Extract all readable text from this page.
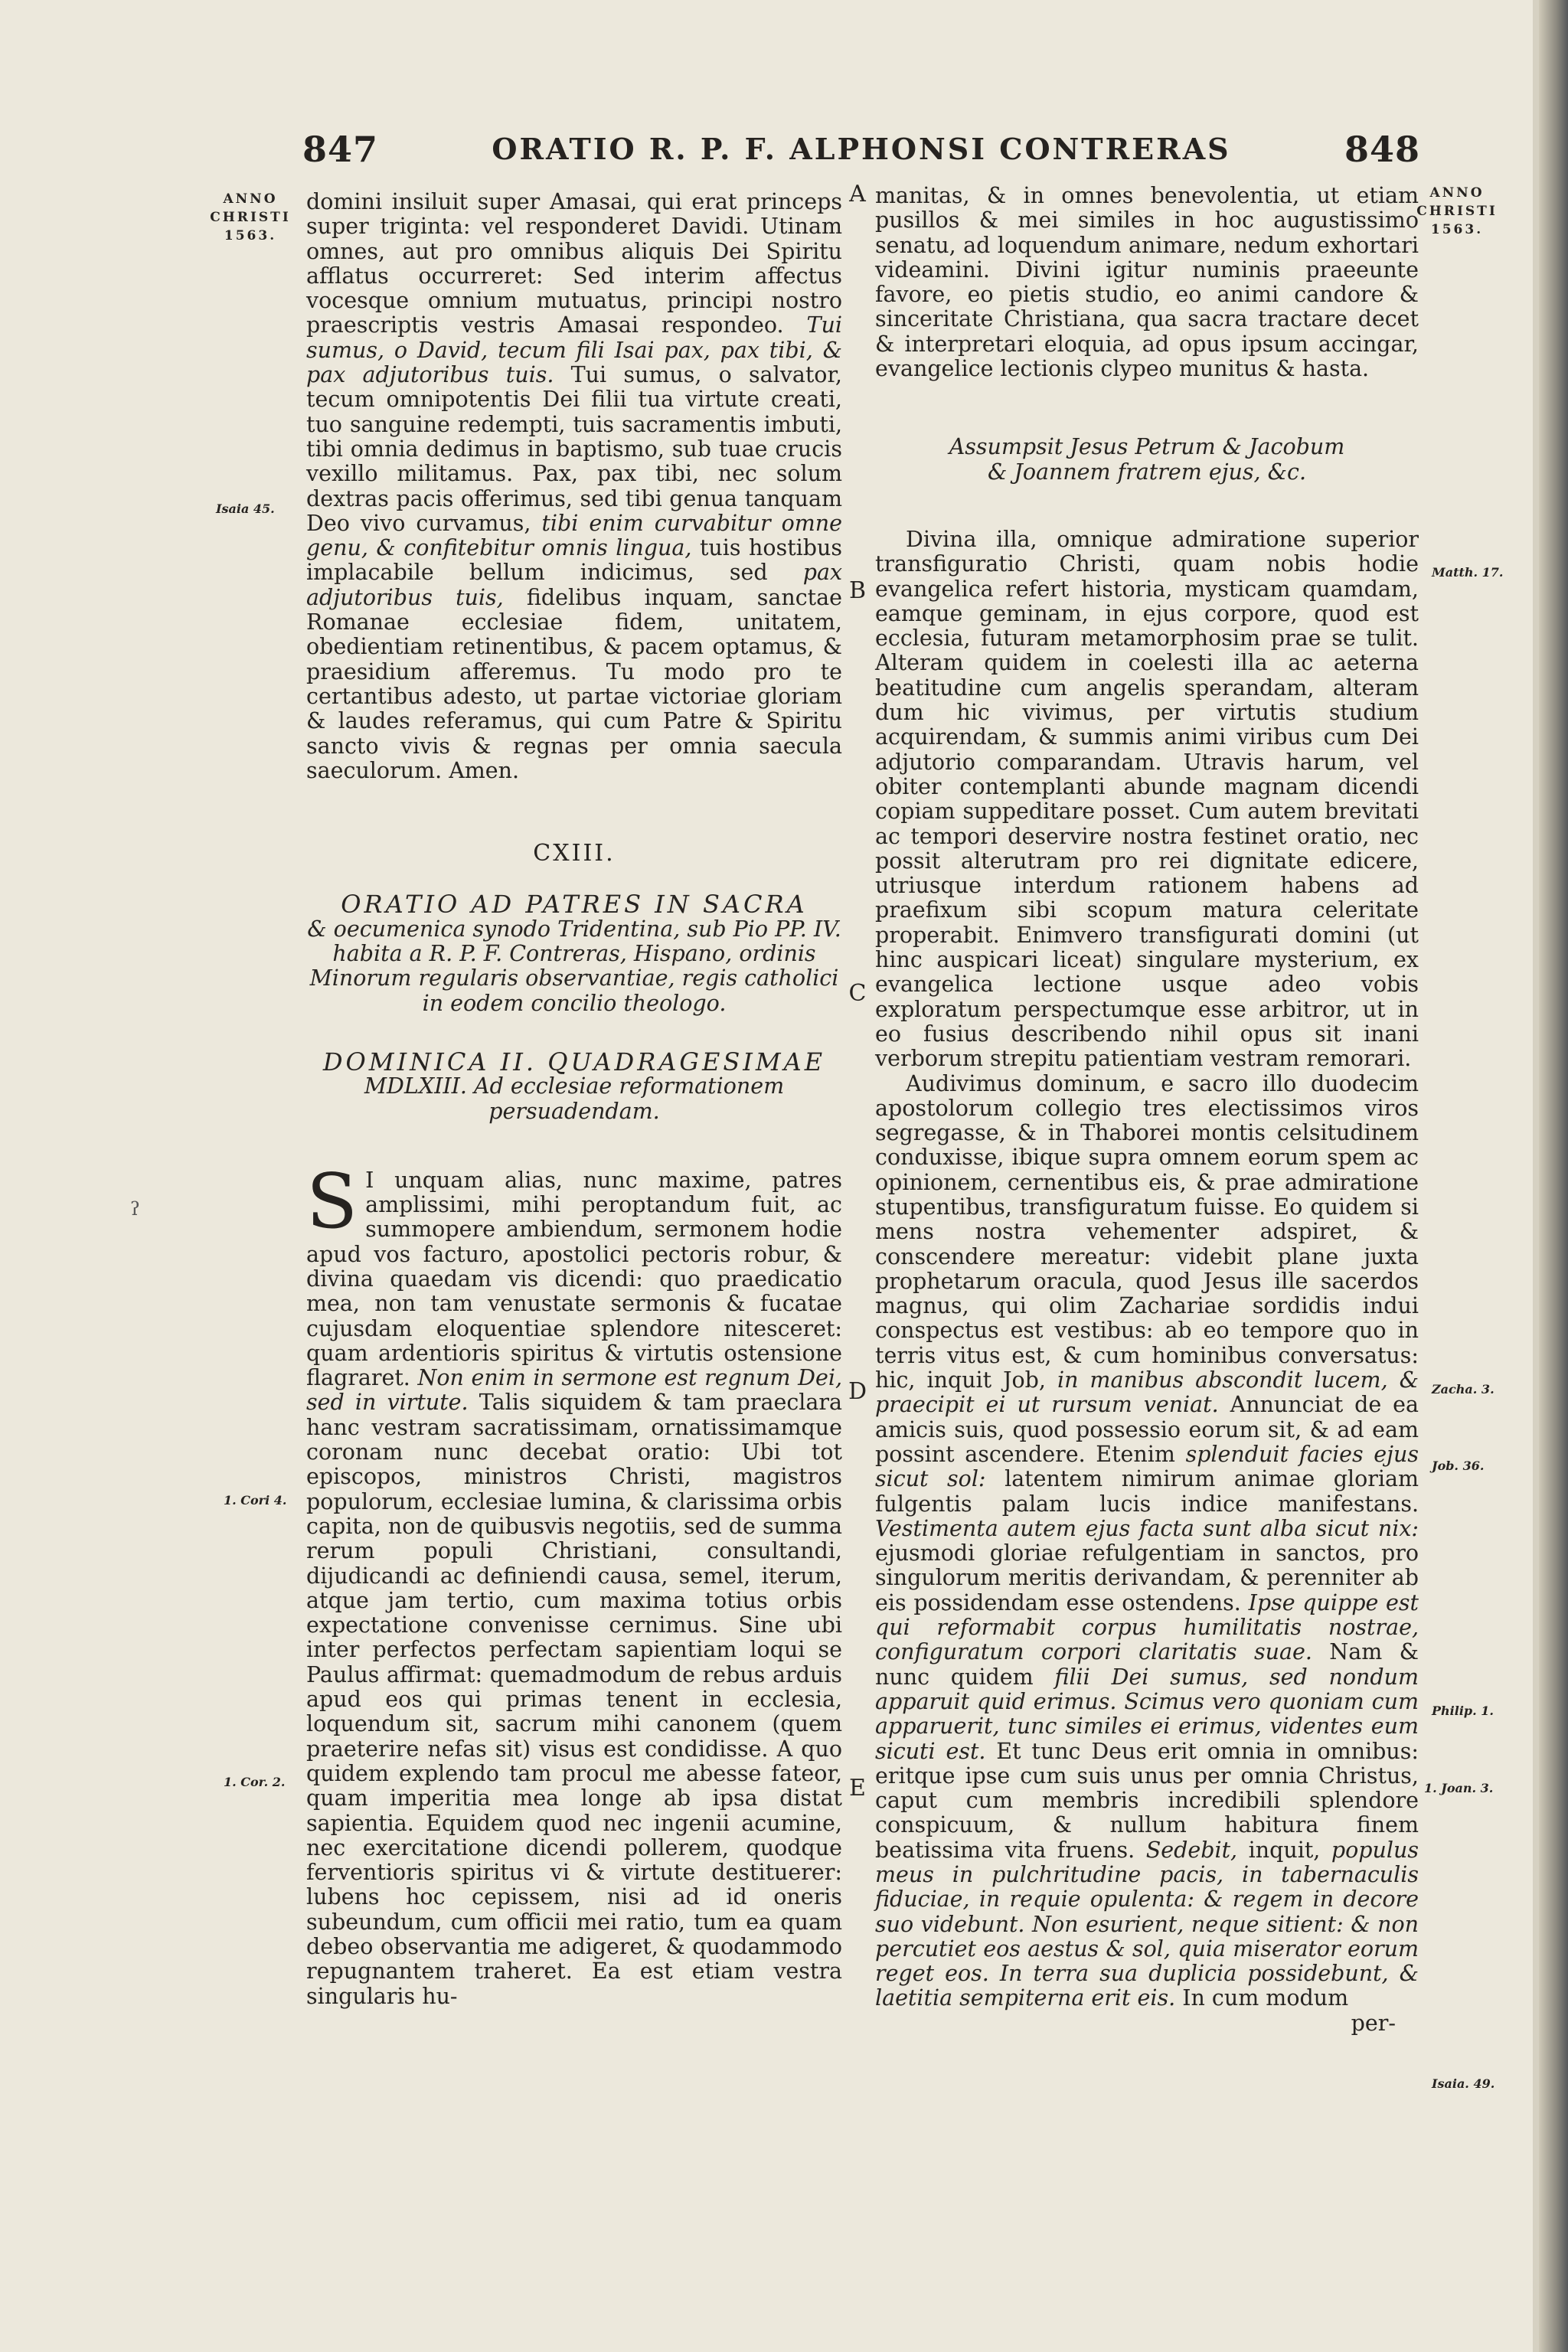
847	ORATIO R. P. F. ALPHONSI CONTRERAS	848
ANNO
CHRISTI
1563.
ANNO
CHRISTI
1563.

domini insiluit super Amasai, qui erat princeps super triginta: vel responderet Davidi. Utinam omnes, aut pro omnibus aliquis Dei Spiritu afflatus occurreret: Sed interim affectus vocesque omnium mutuatus, principi nostro praescriptis vestris Amasai respondeo. Tui sumus, o David, tecum fili Isai pax, pax tibi, & pax adjutoribus tuis. Tui sumus, o salvator, tecum omnipotentis Dei filii tua virtute creati, tuo sanguine redempti, tuis sacramentis imbuti, tibi omnia dedimus in baptismo, sub tuae crucis vexillo militamus. Pax, pax tibi, nec solum dextras pacis offerimus, sed tibi genua tanquam Deo vivo curvamus, tibi enim curvabitur omne genu, & confitebitur omnis lingua, tuis hostibus implacabile bellum indicimus, sed pax adjutoribus tuis, fidelibus inquam, sanctae Romanae ecclesiae fidem, unitatem, obedientiam retinentibus, & pacem optamus, & praesidium afferemus. Tu modo pro te certantibus adesto, ut partae victoriae gloriam & laudes referamus, qui cum Patre & Spiritu sancto vivis & regnas per omnia saecula saeculorum. Amen.

CXIII.
ORATIO AD PATRES IN SACRA
& oecumenica synodo Tridentina, sub Pio PP. IV. habita a R. P. F. Contreras, Hispano, ordinis Minorum regularis observantiae, regis catholici in eodem concilio theologo.
DOMINICA II. QUADRAGESIMAE
MDLXIII. Ad ecclesiae reformationem persuadendam.

S I unquam alias, nunc maxime, patres amplissimi, mihi peroptandum fuit, ac summopere ambiendum, sermonem hodie apud vos facturo, apostolici pectoris robur, & divina quaedam vis dicendi: quo praedicatio mea, non tam venustate sermonis & fucatae cujusdam eloquentiae splendore nitesceret: quam ardentioris spiritus & virtutis ostensione flagraret. Non enim in sermone est regnum Dei, sed in virtute. Talis siquidem & tam praeclara hanc vestram sacratissimam, ornatissimamque coronam nunc decebat oratio: Ubi tot episcopos, ministros Christi, magistros populorum, ecclesiae lumina, & clarissima orbis capita, non de quibusvis negotiis, sed de summa rerum populi Christiani, consultandi, dijudicandi ac definiendi causa, semel, iterum, atque jam tertio, cum maxima totius orbis expectatione convenisse cernimus. Sine ubi inter perfectos perfectam sapientiam loqui se Paulus affirmat: quemadmodum de rebus arduis apud eos qui primas tenent in ecclesia, loquendum sit, sacrum mihi canonem (quem praeterire nefas sit) visus est condidisse. A quo quidem explendo tam procul me abesse fateor, quam imperitia mea longe ab ipsa distat sapientia. Equidem quod nec ingenii acumine, nec exercitatione dicendi pollerem, quodque ferventioris spiritus vi & virtute destituerer: lubens hoc cepissem, nisi ad id oneris subeundum, cum officii mei ratio, tum ea quam debeo observantia me adigeret, & quodammodo repugnantem traheret. Ea est etiam vestra singularis hu-

manitas, & in omnes benevolentia, ut etiam pusillos & mei similes in hoc augustissimo senatu, ad loquendum animare, nedum exhortari videamini. Divini igitur numinis praeeunte favore, eo pietis studio, eo animi candore & sinceritate Christiana, qua sacra tractare decet & interpretari eloquia, ad opus ipsum accingar, evangelice lectionis clypeo munitus & hasta.

Assumpsit Jesus Petrum & Jacobum
& Joannem fratrem ejus, &c.

Divina illa, omnique admiratione superior transfiguratio Christi, quam nobis hodie evangelica refert historia, mysticam quamdam, eamque geminam, in ejus corpore, quod est ecclesia, futuram metamorphosim prae se tulit. Alteram quidem in coelesti illa ac aeterna beatitudine cum angelis sperandam, alteram dum hic vivimus, per virtutis studium acquirendam, & summis animi viribus cum Dei adjutorio comparandam. Utravis harum, vel obiter contemplanti abunde magnam dicendi copiam suppeditare posset. Cum autem brevitati ac tempori deservire nostra festinet oratio, nec possit alterutram pro rei dignitate edicere, utriusque interdum rationem habens ad praefixum sibi scopum matura celeritate properabit. Enimvero transfigurati domini (ut hinc auspicari liceat) singulare mysterium, ex evangelica lectione usque adeo vobis exploratum perspectumque esse arbitror, ut in eo fusius describendo nihil opus sit inani verborum strepitu patientiam vestram remorari.

Audivimus dominum, e sacro illo duodecim apostolorum collegio tres electissimos viros segregasse, & in Thaborei montis celsitudinem conduxisse, ibique supra omnem eorum spem ac opinionem, cernentibus eis, & prae admiratione stupentibus, transfiguratum fuisse. Eo quidem si mens nostra vehementer adspiret, & conscendere mereatur: videbit plane juxta prophetarum oracula, quod Jesus ille sacerdos magnus, qui olim Zachariae sordidis indui conspectus est vestibus: ab eo tempore quo in terris vitus est, & cum hominibus conversatus: hic, inquit Job, in manibus abscondit lucem, & praecipit ei ut rursum veniat. Annunciat de ea amicis suis, quod possessio eorum sit, & ad eam possint ascendere. Etenim splenduit facies ejus sicut sol: latentem nimirum animae gloriam fulgentis palam lucis indice manifestans. Vestimenta autem ejus facta sunt alba sicut nix: ejusmodi gloriae refulgentiam in sanctos, pro singulorum meritis derivandam, & perenniter ab eis possidendam esse ostendens. Ipse quippe est qui reformabit corpus humilitatis nostrae, configuratum corpori claritatis suae. Nam & nunc quidem filii Dei sumus, sed nondum apparuit quid erimus. Scimus vero quoniam cum apparuerit, tunc similes ei erimus, videntes eum sicuti est. Et tunc Deus erit omnia in omnibus: eritque ipse cum suis unus per omnia Christus, caput cum membris incredibili splendore conspicuum, & nullum habitura finem beatissima vita fruens. Sedebit, inquit, populus meus in pulchritudine pacis, in tabernaculis fiduciae, in requie opulenta: & regem in decore suo videbunt. Non esurient, neque sitient: & non percutiet eos aestus & sol, quia miserator eorum reget eos. In terra sua duplicia possidebunt, & laetitia sempiterna erit eis. In cum modum

per-
A
B
C
D
E
Isaia 45.
1. Cori 4.
1. Cor. 2.
Matth. 17.
Zacha. 3.
Job. 36.
Philip. 1.
1. Joan. 3.
Isaia. 49.
ʔ
